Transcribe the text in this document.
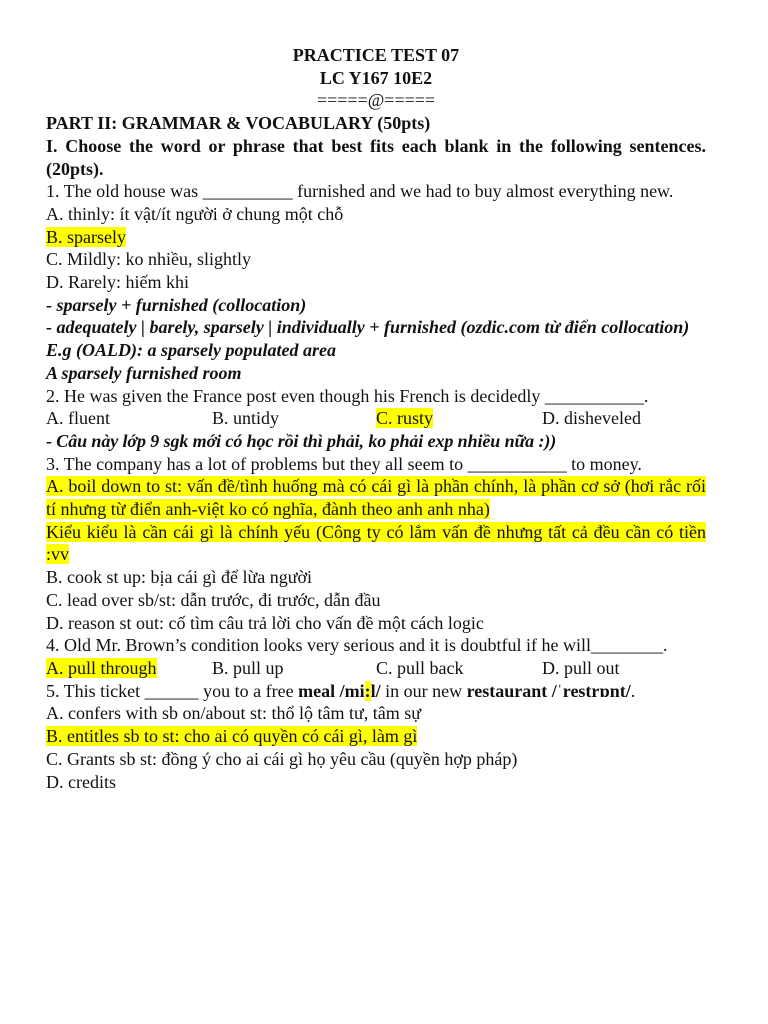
PRACTICE TEST 07
LC Y167 10E2
=====@=====
PART II: GRAMMAR & VOCABULARY (50pts)
I. Choose the word or phrase that best fits each blank in the following sentences. (20pts).
1. The old house was __________ furnished and we had to buy almost everything new.
A. thinly: ít vật/ít người ở chung một chỗ
B. sparsely
C. Mildly: ko nhiều, slightly
D. Rarely: hiếm khi
- sparsely + furnished (collocation)
- adequately | barely, sparsely | individually + furnished (ozdic.com từ điển collocation)
E.g (OALD): a sparsely populated area
A sparsely furnished room
2. He was given the France post even though his French is decidedly ___________.
A. fluent	B. untidy	C. rusty	D. disheveled
- Câu này lớp 9 sgk mới có học rồi thì phải, ko phải exp nhiều nữa :))
3. The company has a lot of problems but they all seem to ___________ to money.
A. boil down to st: vấn đề/tình huống mà có cái gì là phần chính, là phần cơ sở (hơi rắc rối tí nhưng từ điển anh-việt ko có nghĩa, đành theo anh anh nha)
Kiểu kiểu là cần cái gì là chính yếu (Công ty có lắm vấn đề nhưng tất cả đều cần có tiền :vv
B. cook st up: bịa cái gì để lừa người
C. lead over sb/st: dẫn trước, đi trước, dẫn đầu
D. reason st out: cố tìm câu trả lời cho vấn đề một cách logic
4. Old Mr. Brown’s condition looks very serious and it is doubtful if he will________.
A. pull through	B. pull up	C. pull back	D. pull out
5. This ticket ______ you to a free meal /mi:l/ in our new restaurant /ˈrestrɒnt/.
A. confers with sb on/about st: thổ lộ tâm tư, tâm sự
B. entitles sb to st: cho ai có quyền có cái gì, làm gì
C. Grants sb st: đồng ý cho ai cái gì họ yêu cầu (quyền hợp pháp)
D. credits
